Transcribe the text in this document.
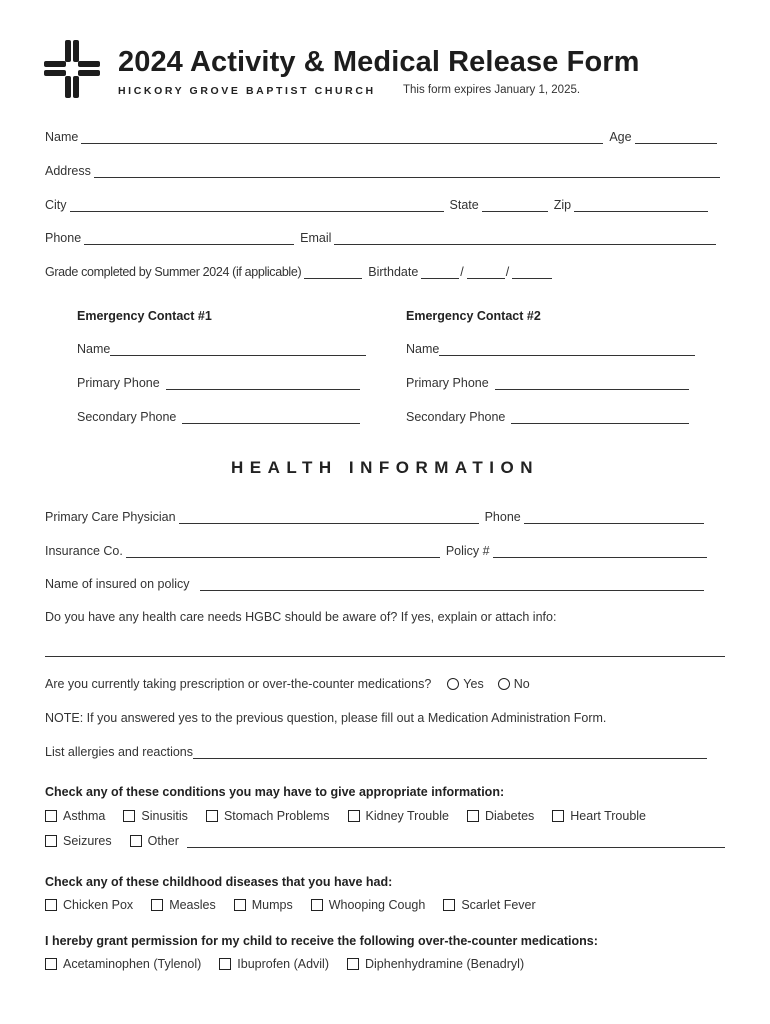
2024 Activity & Medical Release Form
HICKORY GROVE BAPTIST CHURCH This form expires January 1, 2025.
Name	Age
Address
City	State	Zip
Phone	Email
Grade completed by Summer 2024 (if applicable)	Birthdate	/	/
Emergency Contact #1	Emergency Contact #2
Name	Name
Primary Phone	Primary Phone
Secondary Phone	Secondary Phone
HEALTH INFORMATION
Primary Care Physician	Phone
Insurance Co.	Policy #
Name of insured on policy
Do you have any health care needs HGBC should be aware of? If yes, explain or attach info:
Are you currently taking prescription or over-the-counter medications?	Yes No
NOTE: If you answered yes to the previous question, please fill out a Medication Administration Form.
List allergies and reactions
Check any of these conditions you may have to give appropriate information:
Asthma	Sinusitis	Stomach Problems	Kidney Trouble	Diabetes	Heart Trouble
Seizures	Other
Check any of these childhood diseases that you have had:
Chicken Pox	Measles	Mumps	Whooping Cough	Scarlet Fever
I hereby grant permission for my child to receive the following over-the-counter medications:
Acetaminophen (Tylenol)	Ibuprofen (Advil)	Diphenhydramine (Benadryl)
